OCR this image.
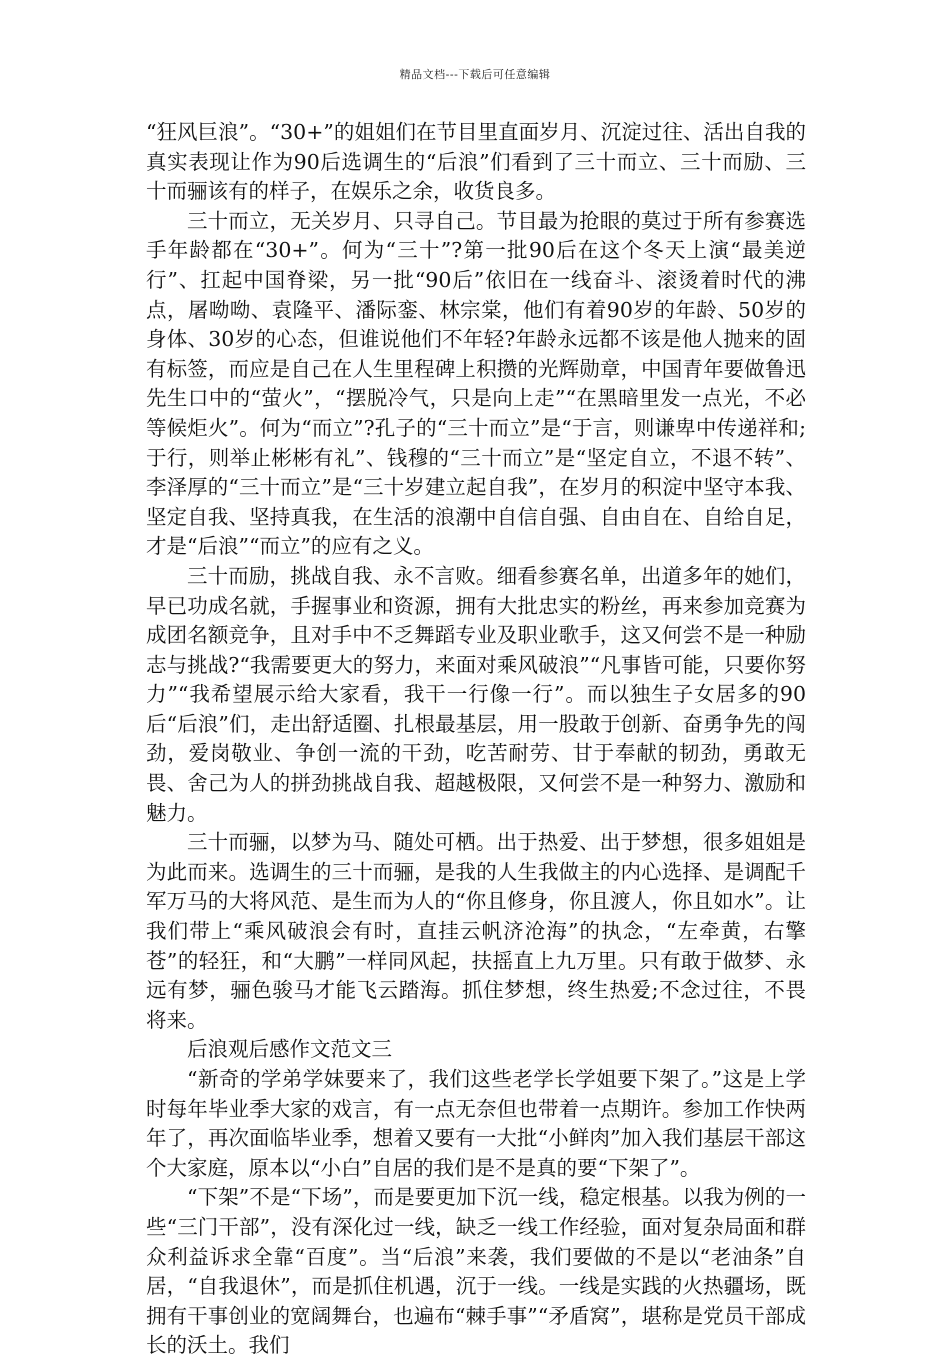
精品文档---下载后可任意编辑

“狂风巨浪”。“30+”的姐姐们在节目里直面岁月、沉淀过往、活出自我的真实表现让作为90后选调生的“后浪”们看到了三十而立、三十而励、三十而骊该有的样子，在娱乐之余，收货良多。

三十而立，无关岁月、只寻自己。节目最为抢眼的莫过于所有参赛选手年龄都在“30+”。何为“三十”?第一批90后在这个冬天上演“最美逆行”、扛起中国脊梁，另一批“90后”依旧在一线奋斗、滚烫着时代的沸点，屠呦呦、袁隆平、潘际銮、林宗棠，他们有着90岁的年龄、50岁的身体、30岁的心态，但谁说他们不年轻?年龄永远都不该是他人抛来的固有标签，而应是自己在人生里程碑上积攒的光辉勋章，中国青年要做鲁迅先生口中的“萤火”，“摆脱冷气，只是向上走”“在黑暗里发一点光，不必等候炬火”。何为“而立”?孔子的“三十而立”是“于言，则谦卑中传递祥和;于行，则举止彬彬有礼”、钱穆的“三十而立”是“坚定自立，不退不转”、李泽厚的“三十而立”是“三十岁建立起自我”，在岁月的积淀中坚守本我、坚定自我、坚持真我，在生活的浪潮中自信自强、自由自在、自给自足，才是“后浪”“而立”的应有之义。

三十而励，挑战自我、永不言败。细看参赛名单，出道多年的她们，早已功成名就，手握事业和资源，拥有大批忠实的粉丝，再来参加竞赛为成团名额竞争，且对手中不乏舞蹈专业及职业歌手，这又何尝不是一种励志与挑战?“我需要更大的努力，来面对乘风破浪”“凡事皆可能，只要你努力”“我希望展示给大家看，我干一行像一行”。而以独生子女居多的90后“后浪”们，走出舒适圈、扎根最基层，用一股敢于创新、奋勇争先的闯劲，爱岗敬业、争创一流的干劲，吃苦耐劳、甘于奉献的韧劲，勇敢无畏、舍己为人的拼劲挑战自我、超越极限，又何尝不是一种努力、激励和魅力。

三十而骊，以梦为马、随处可栖。出于热爱、出于梦想，很多姐姐是为此而来。选调生的三十而骊，是我的人生我做主的内心选择、是调配千军万马的大将风范、是生而为人的“你且修身，你且渡人，你且如水”。让我们带上“乘风破浪会有时，直挂云帆济沧海”的执念，“左牵黄，右擎苍”的轻狂，和“大鹏”一样同风起，扶摇直上九万里。只有敢于做梦、永远有梦，骊色骏马才能飞云踏海。抓住梦想，终生热爱;不念过往，不畏将来。

后浪观后感作文范文三

“新奇的学弟学妹要来了，我们这些老学长学姐要下架了。”这是上学时每年毕业季大家的戏言，有一点无奈但也带着一点期许。参加工作快两年了，再次面临毕业季，想着又要有一大批“小鲜肉”加入我们基层干部这个大家庭，原本以“小白”自居的我们是不是真的要“下架了”。

“下架”不是“下场”，而是要更加下沉一线，稳定根基。以我为例的一些“三门干部”，没有深化过一线，缺乏一线工作经验，面对复杂局面和群众利益诉求全靠“百度”。当“后浪”来袭，我们要做的不是以“老油条”自居，“自我退休”，而是抓住机遇，沉于一线。一线是实践的火热疆场，既拥有干事创业的宽阔舞台，也遍布“棘手事”“矛盾窝”，堪称是党员干部成长的沃土。我们
